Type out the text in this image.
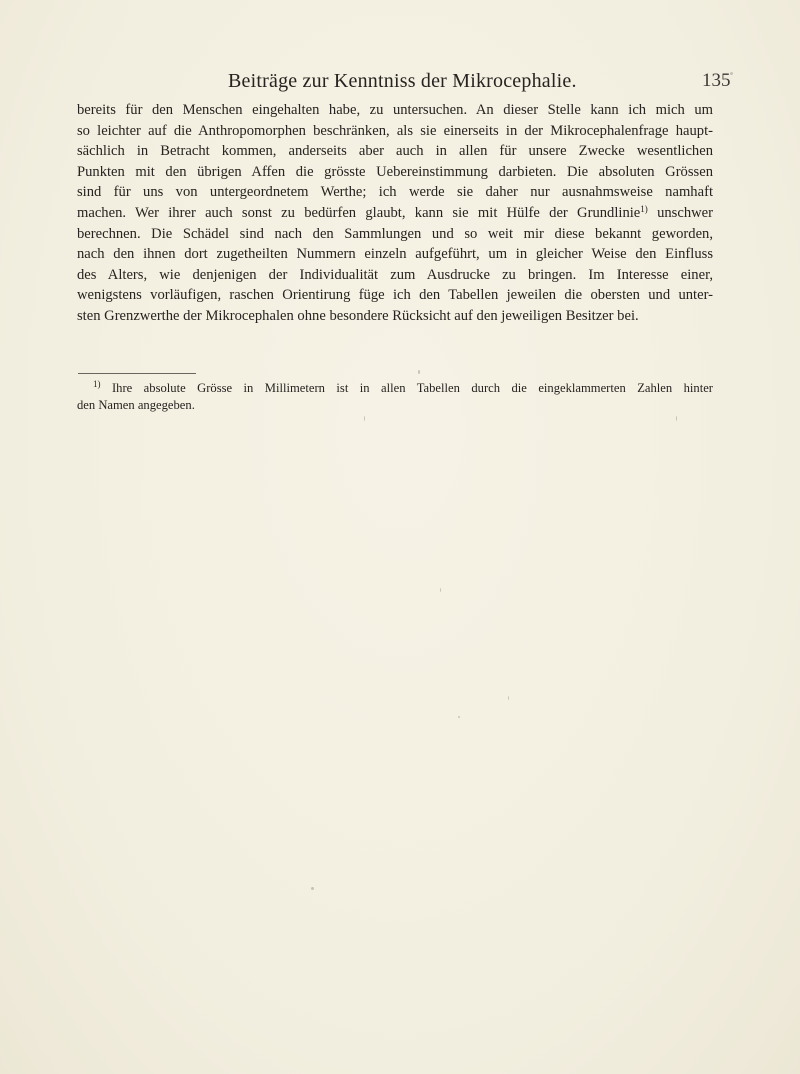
Beiträge zur Kenntniss der Mikrocephalie.	135
bereits für den Menschen eingehalten habe, zu untersuchen. An dieser Stelle kann ich mich um
so leichter auf die Anthropomorphen beschränken, als sie einerseits in der Mikrocephalenfrage haupt-
sächlich in Betracht kommen, anderseits aber auch in allen für unsere Zwecke wesentlichen
Punkten mit den übrigen Affen die grösste Uebereinstimmung darbieten. Die absoluten Grössen
sind für uns von untergeordnetem Werthe; ich werde sie daher nur ausnahmsweise namhaft
machen. Wer ihrer auch sonst zu bedürfen glaubt, kann sie mit Hülfe der Grundlinie$^{1)}$ unschwer
berechnen. Die Schädel sind nach den Sammlungen und so weit mir diese bekannt geworden,
nach den ihnen dort zugetheilten Nummern einzeln aufgeführt, um in gleicher Weise den Einfluss
des Alters, wie denjenigen der Individualität zum Ausdrucke zu bringen. Im Interesse einer,
wenigstens vorläufigen, raschen Orientirung füge ich den Tabellen jeweilen die obersten und unter-
sten Grenzwerthe der Mikrocephalen ohne besondere Rücksicht auf den jeweiligen Besitzer bei.
$^{1)}$ Ihre absolute Grösse in Millimetern ist in allen Tabellen durch die eingeklammerten Zahlen hinter
den Namen angegeben.
